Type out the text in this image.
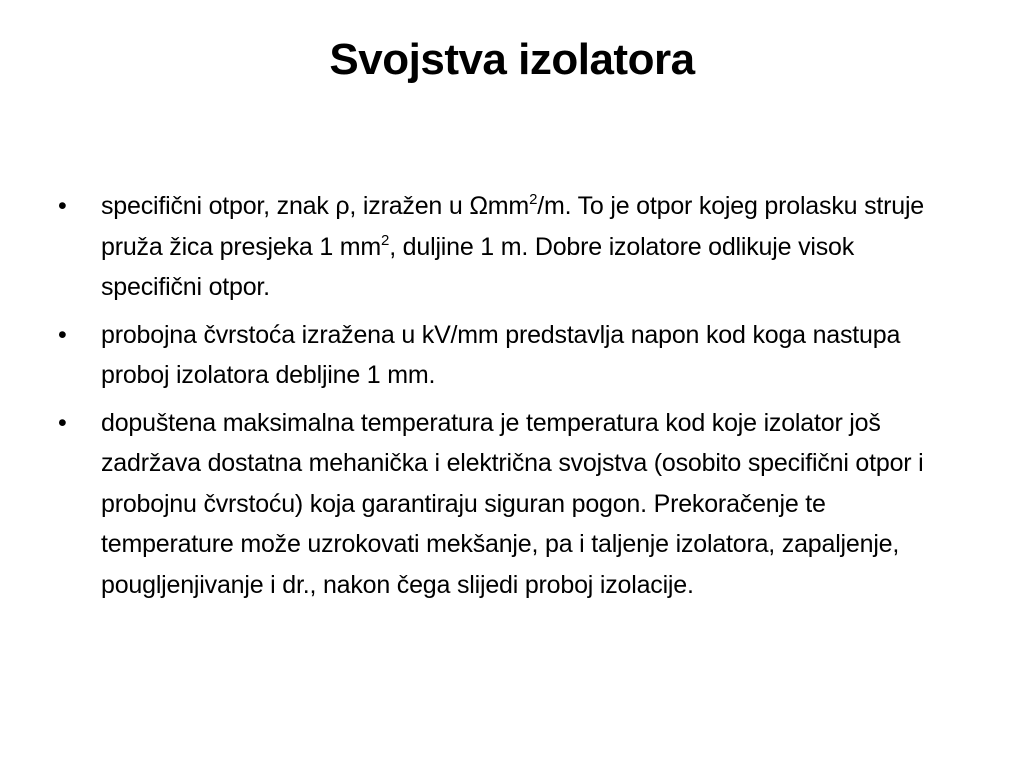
Svojstva izolatora
•	specifični otpor, znak ρ, izražen u Ωmm$^2$/m. To je otpor kojeg prolasku struje pruža žica presjeka 1 $mm^2$, duljine 1 m. Dobre izolatore odlikuje visok specifični otpor.
•	probojna čvrstoća izražena u kV/mm predstavlja napon kod koga nastupa proboj izolatora debljine 1 mm.
•	dopuštena maksimalna temperatura je temperatura kod koje izolator još zadržava dostatna mehanička i električna svojstva (osobito specifični otpor i probojnu čvrstoću) koja garantiraju siguran pogon. Prekoračenje te temperature može uzrokovati mekšanje, pa i taljenje izolatora, zapaljenje, pougljenjivanje i dr., nakon čega slijedi proboj izolacije.
